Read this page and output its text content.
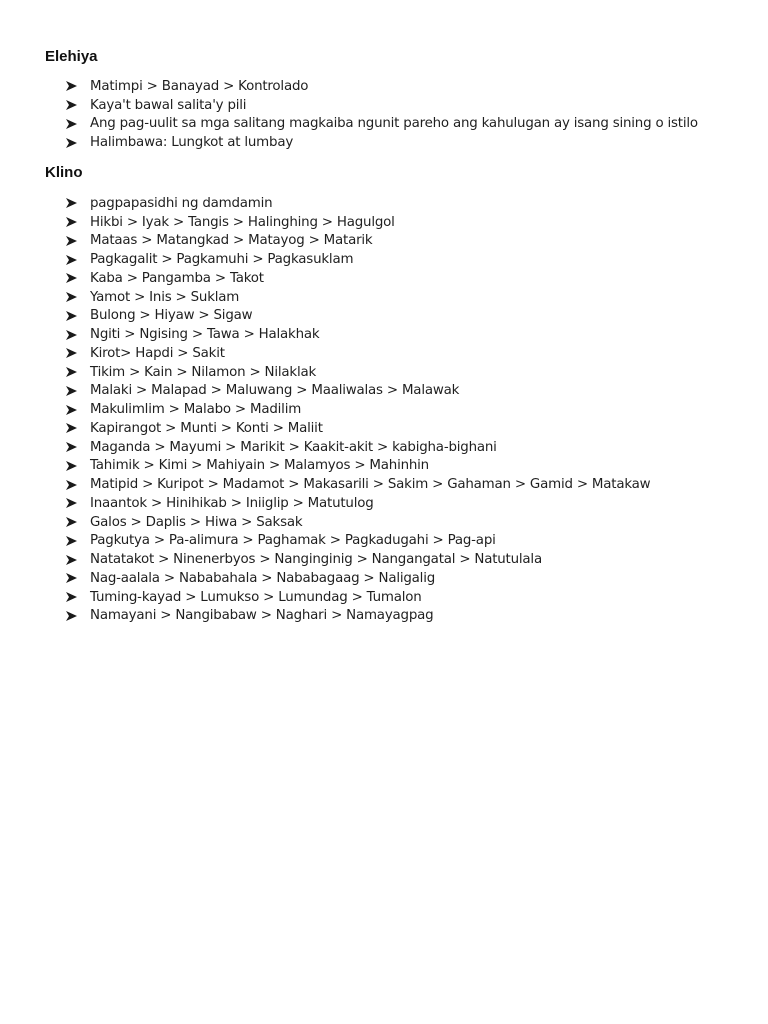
Elehiya
Matimpi > Banayad > Kontrolado
Kaya't bawal salita'y pili
Ang pag-uulit sa mga salitang magkaiba ngunit pareho ang kahulugan ay isang sining o istilo
Halimbawa: Lungkot at lumbay
Klino
pagpapasidhi ng damdamin
Hikbi > Iyak > Tangis > Halinghing > Hagulgol
Mataas > Matangkad > Matayog > Matarik
Pagkagalit > Pagkamuhi > Pagkasuklam
Kaba > Pangamba > Takot
Yamot > Inis > Suklam
Bulong > Hiyaw > Sigaw
Ngiti > Ngising > Tawa > Halakhak
Kirot> Hapdi > Sakit
Tikim > Kain > Nilamon > Nilaklak
Malaki > Malapad > Maluwang > Maaliwalas > Malawak
Makulimlim > Malabo > Madilim
Kapirangot > Munti > Konti > Maliit
Maganda > Mayumi > Marikit > Kaakit-akit > kabigha-bighani
Tahimik > Kimi > Mahiyain > Malamyos > Mahinhin
Matipid > Kuripot > Madamot > Makasarili > Sakim > Gahaman > Gamid > Matakaw
Inaantok > Hinihikab > Iniiglip > Matutulog
Galos > Daplis > Hiwa > Saksak
Pagkutya > Pa-alimura > Paghamak > Pagkadugahi > Pag-api
Natatakot > Ninenerbyos > Nanginginig > Nangangatal > Natutulala
Nag-aalala > Nababahala > Nababagaag > Naligalig
Tuming-kayad > Lumukso > Lumundag > Tumalon
Namayani > Nangibabaw > Naghari > Namayagpag
